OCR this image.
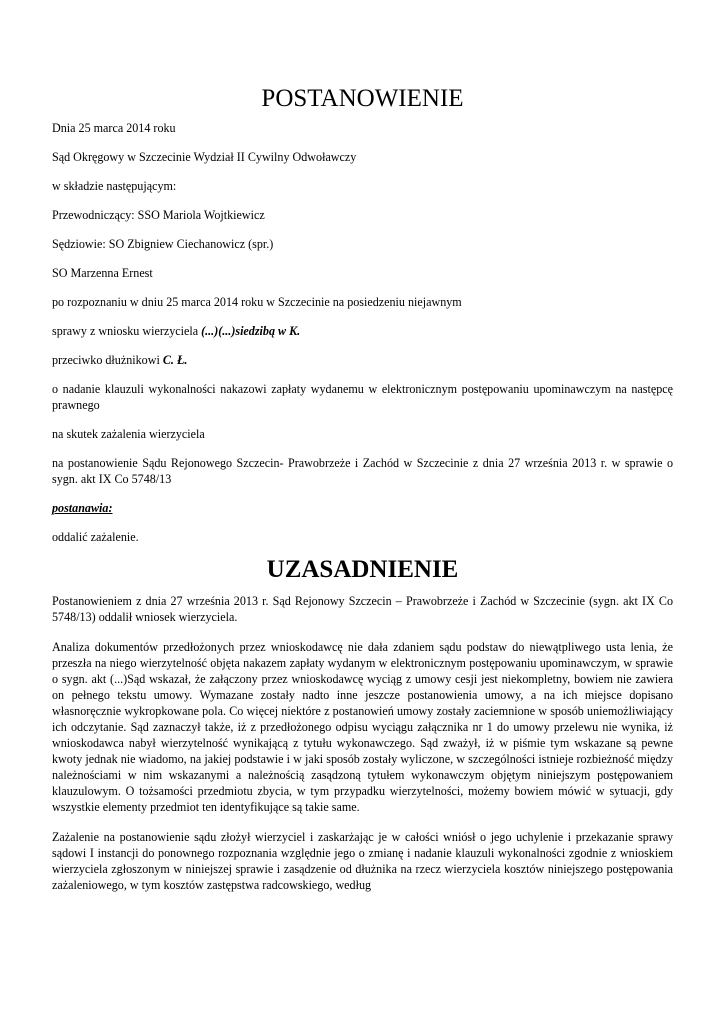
POSTANOWIENIE

Dnia 25 marca 2014 roku

Sąd Okręgowy w Szczecinie Wydział II Cywilny Odwoławczy

w składzie następującym:

Przewodniczący: SSO Mariola Wojtkiewicz

Sędziowie: SO Zbigniew Ciechanowicz (spr.)

SO Marzenna Ernest

po rozpoznaniu w dniu 25 marca 2014 roku w Szczecinie na posiedzeniu niejawnym

sprawy z wniosku wierzyciela (...)(...)siedzibą w K.

przeciwko dłużnikowi C. Ł.

o nadanie klauzuli wykonalności nakazowi zapłaty wydanemu w elektronicznym postępowaniu upominawczym na następcę prawnego

na skutek zażalenia wierzyciela

na postanowienie Sądu Rejonowego Szczecin- Prawobrzeże i Zachód w Szczecinie z dnia 27 września 2013 r. w sprawie o sygn. akt IX Co 5748/13

postanawia:

oddalić zażalenie.

UZASADNIENIE

Postanowieniem z dnia 27 września 2013 r. Sąd Rejonowy Szczecin – Prawobrzeże i Zachód w Szczecinie (sygn. akt IX Co 5748/13) oddalił wniosek wierzyciela.

Analiza dokumentów przedłożonych przez wnioskodawcę nie dała zdaniem sądu podstaw do niewątpliwego usta lenia, że przeszła na niego wierzytelność objęta nakazem zapłaty wydanym w elektronicznym postępowaniu upominawczym, w sprawie o sygn. akt (...)Sąd wskazał, że załączony przez wnioskodawcę wyciąg z umowy cesji jest niekompletny, bowiem nie zawiera on pełnego tekstu umowy. Wymazane zostały nadto inne jeszcze postanowienia umowy, a na ich miejsce dopisano własnoręcznie wykropkowane pola. Co więcej niektóre z postanowień umowy zostały zaciemnione w sposób uniemożliwiający ich odczytanie. Sąd zaznaczył także, iż z przedłożonego odpisu wyciągu załącznika nr 1 do umowy przelewu nie wynika, iż wnioskodawca nabył wierzytelność wynikającą z tytułu wykonawczego. Sąd zważył, iż w piśmie tym wskazane są pewne kwoty jednak nie wiadomo, na jakiej podstawie i w jaki sposób zostały wyliczone, w szczególności istnieje rozbieżność między należnościami w nim wskazanymi a należnością zasądzoną tytułem wykonawczym objętym niniejszym postępowaniem klauzulowym. O tożsamości przedmiotu zbycia, w tym przypadku wierzytelności, możemy bowiem mówić w sytuacji, gdy wszystkie elementy przedmiot ten identyfikujące są takie same.

Zażalenie na postanowienie sądu złożył wierzyciel i zaskarżając je w całości wniósł o jego uchylenie i przekazanie sprawy sądowi I instancji do ponownego rozpoznania względnie jego o zmianę i nadanie klauzuli wykonalności zgodnie z wnioskiem wierzyciela zgłoszonym w niniejszej sprawie i zasądzenie od dłużnika na rzecz wierzyciela kosztów niniejszego postępowania zażaleniowego, w tym kosztów zastępstwa radcowskiego, według
